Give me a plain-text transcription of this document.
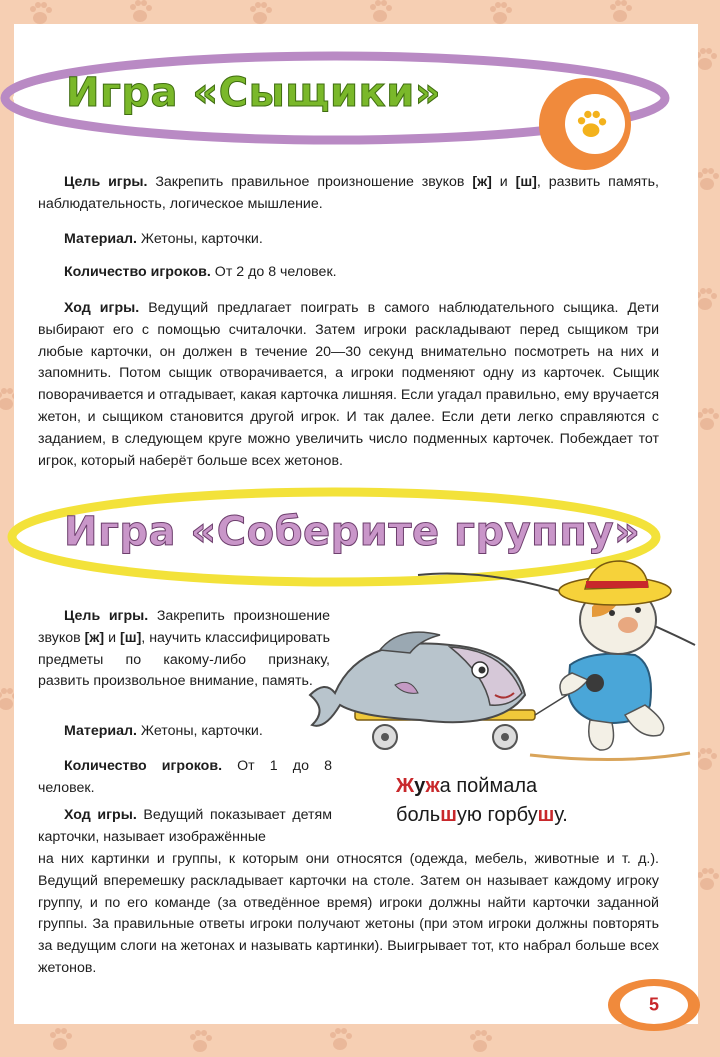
Игра «Сыщики»

Цель игры. Закрепить правильное произношение звуков [ж] и [ш], развить память, наблюдательность, логическое мышление.

Материал. Жетоны, карточки.

Количество игроков. От 2 до 8 человек.

Ход игры. Ведущий предлагает поиграть в самого наблюдательного сыщика. Дети выбирают его с помощью считалочки. Затем игроки раскладывают перед сыщиком три любые карточки, он должен в течение 20—30 секунд внимательно посмотреть на них и запомнить. Потом сыщик отворачивается, а игроки подменяют одну из карточек. Сыщик поворачивается и отгадывает, какая карточка лишняя. Если угадал правильно, ему вручается жетон, и сыщиком становится другой игрок. И так далее. Если дети легко справляются с заданием, в следующем круге можно увеличить число подменных карточек. Побеждает тот игрок, который наберёт больше всех жетонов.

Игра «Соберите группу»

Цель игры. Закрепить произношение звуков [ж] и [ш], научить классифицировать предметы по какому-либо признаку, развить произвольное внимание, память.

Материал. Жетоны, карточки.

Количество игроков. От 1 до 8 человек.

Ход игры. Ведущий показывает детям карточки, называет изображённые

на них картинки и группы, к которым они относятся (одежда, мебель, животные и т. д.). Ведущий вперемешку раскладывает карточки на столе. Затем он называет каждому игроку группу, и по его команде (за отведённое время) игроки должны найти карточки заданной группы. За правильные ответы игроки получают жетоны (при этом игроки должны повторять за ведущим слоги на жетонах и называть картинки). Выигрывает тот, кто набрал больше всех жетонов.

Жужа поймала
большую горбушу.
5
